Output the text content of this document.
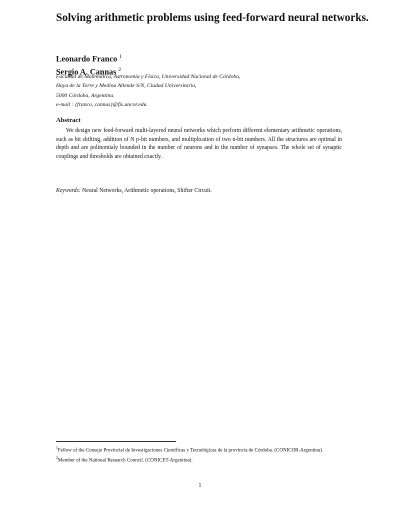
Solving arithmetic problems using feed-forward neural networks.
Leonardo Franco $^1$
Sergio A. Cannas $^2$
Facultad de Matemática, Astronomía y Física, Universidad Nacional de Córdoba,
Haya de la Torre y Medina Allende S/N, Ciudad Universitaria,
5000 Córdoba, Argentina.
e-mail : {franco, cannas}@fis.uncor.edu
Abstract

We design new feed-forward multi-layered neural networks which perform different elementary arithmetic operations, such as bit shifting, addition of N p-bit numbers, and multiplication of two n-bit numbers. All the structures are optimal in depth and are polinomialy bounded in the number of neurons and in the number of synapses. The whole set of synaptic couplings and thresholds are obtained exactly.

Keywords: Neural Networks, Arithmetic operations, Shifter Circuit.
$^1$Fellow of the Consejo Provincial de Investigaciones Científicas y Tecnológicas de la provincia de Córdoba. (CONICOR-Argentina).
$^2$Member of the National Research Council. (CONICET-Argentina).
1
